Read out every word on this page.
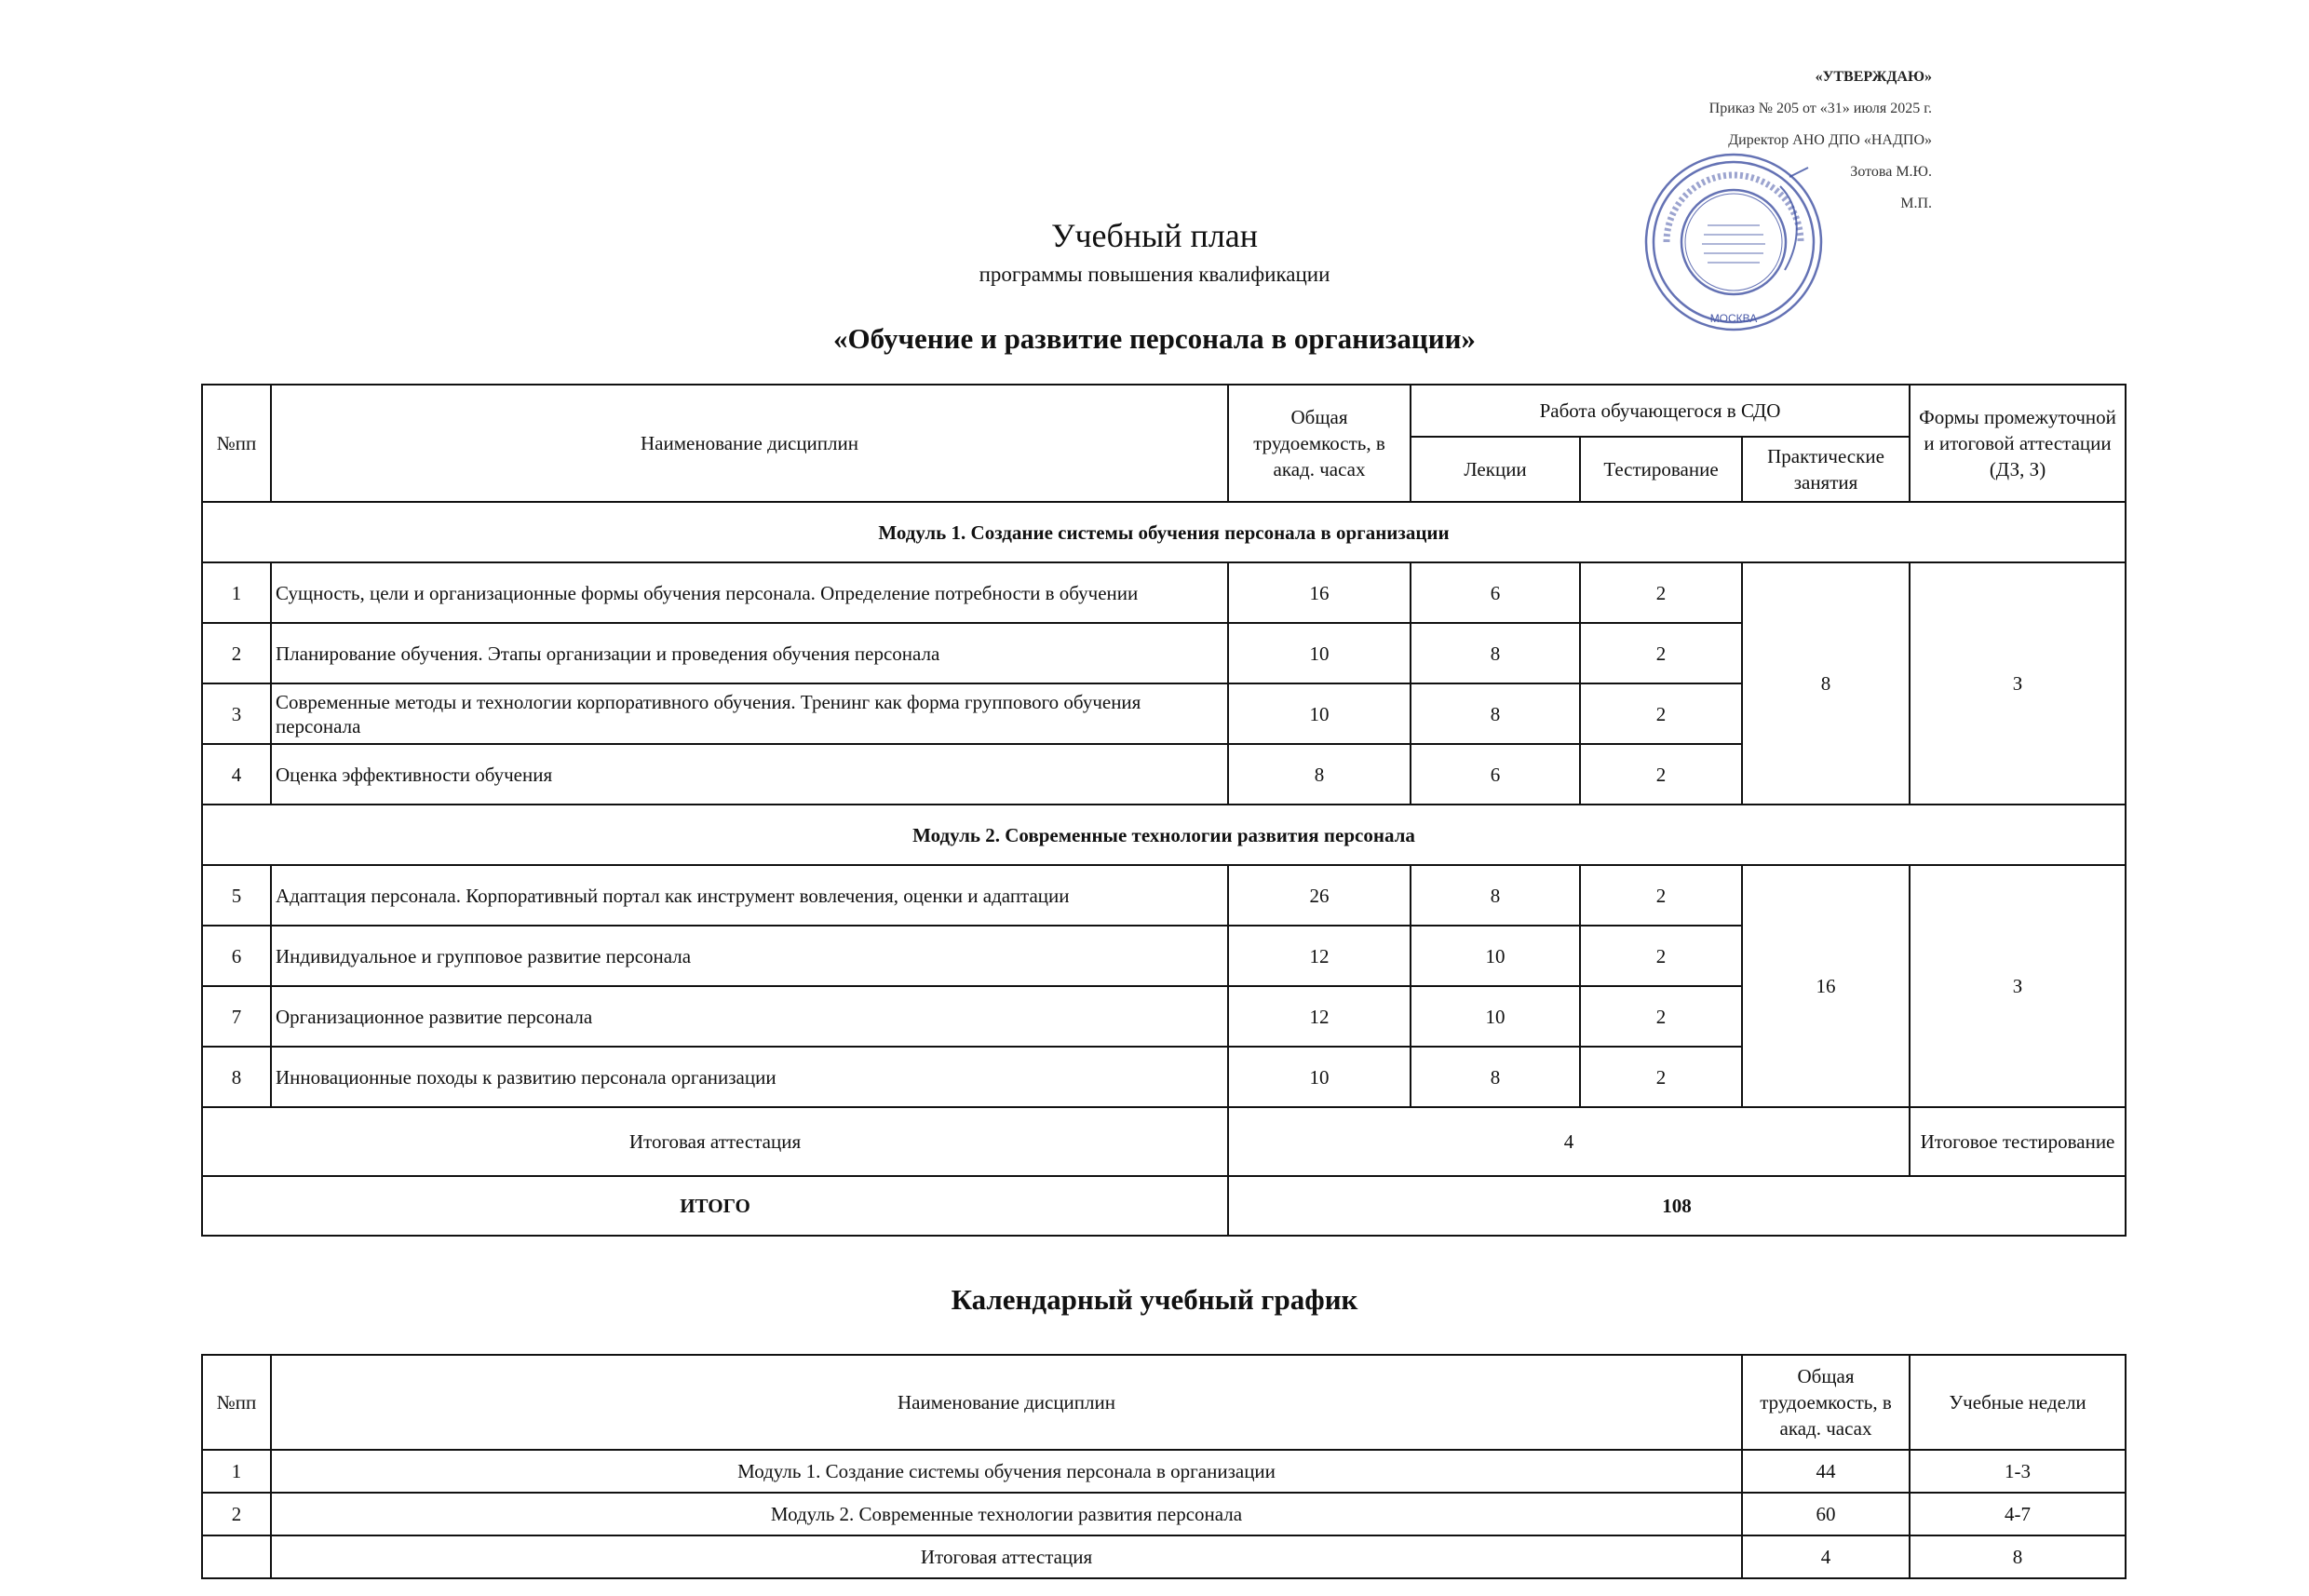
«УТВЕРЖДАЮ»
Приказ № 205 от «31» июля 2025 г.
Директор АНО ДПО «НАДПО»
Зотова М.Ю.
М.П.
МОСКВА
Учебный план
программы повышения квалификации
«Обучение и развитие персонала в организации»
№пп	Наименование дисциплин	Общая трудоемкость, в акад. часах	Работа обучающегося в СДО			Формы промежуточной и итоговой аттестации (ДЗ, З)
			Лекции	Тестирование	Практические занятия	
Модуль 1. Создание системы обучения персонала в организации						
1	Сущность, цели и организационные формы обучения персонала. Определение потребности в обучении	16	6	2	8	З
2	Планирование обучения. Этапы организации и проведения обучения персонала	10	8	2		
3	Современные методы и технологии корпоративного обучения. Тренинг как форма группового обучения персонала	10	8	2		
4	Оценка эффективности обучения	8	6	2		
Модуль 2. Современные технологии развития персонала						
5	Адаптация персонала. Корпоративный портал как инструмент вовлечения, оценки и адаптации	26	8	2	16	З
6	Индивидуальное и групповое развитие персонала	12	10	2		
7	Организационное развитие персонала	12	10	2		
8	Инновационные походы к развитию персонала организации	10	8	2		
Итоговая аттестация		4				Итоговое тестирование
ИТОГО		108				
Календарный учебный график
№пп	Наименование дисциплин	Общая трудоемкость, в акад. часах	Учебные недели
1	Модуль 1. Создание системы обучения персонала в организации	44	1-3
2	Модуль 2. Современные технологии развития персонала	60	4-7
	Итоговая аттестация	4	8
